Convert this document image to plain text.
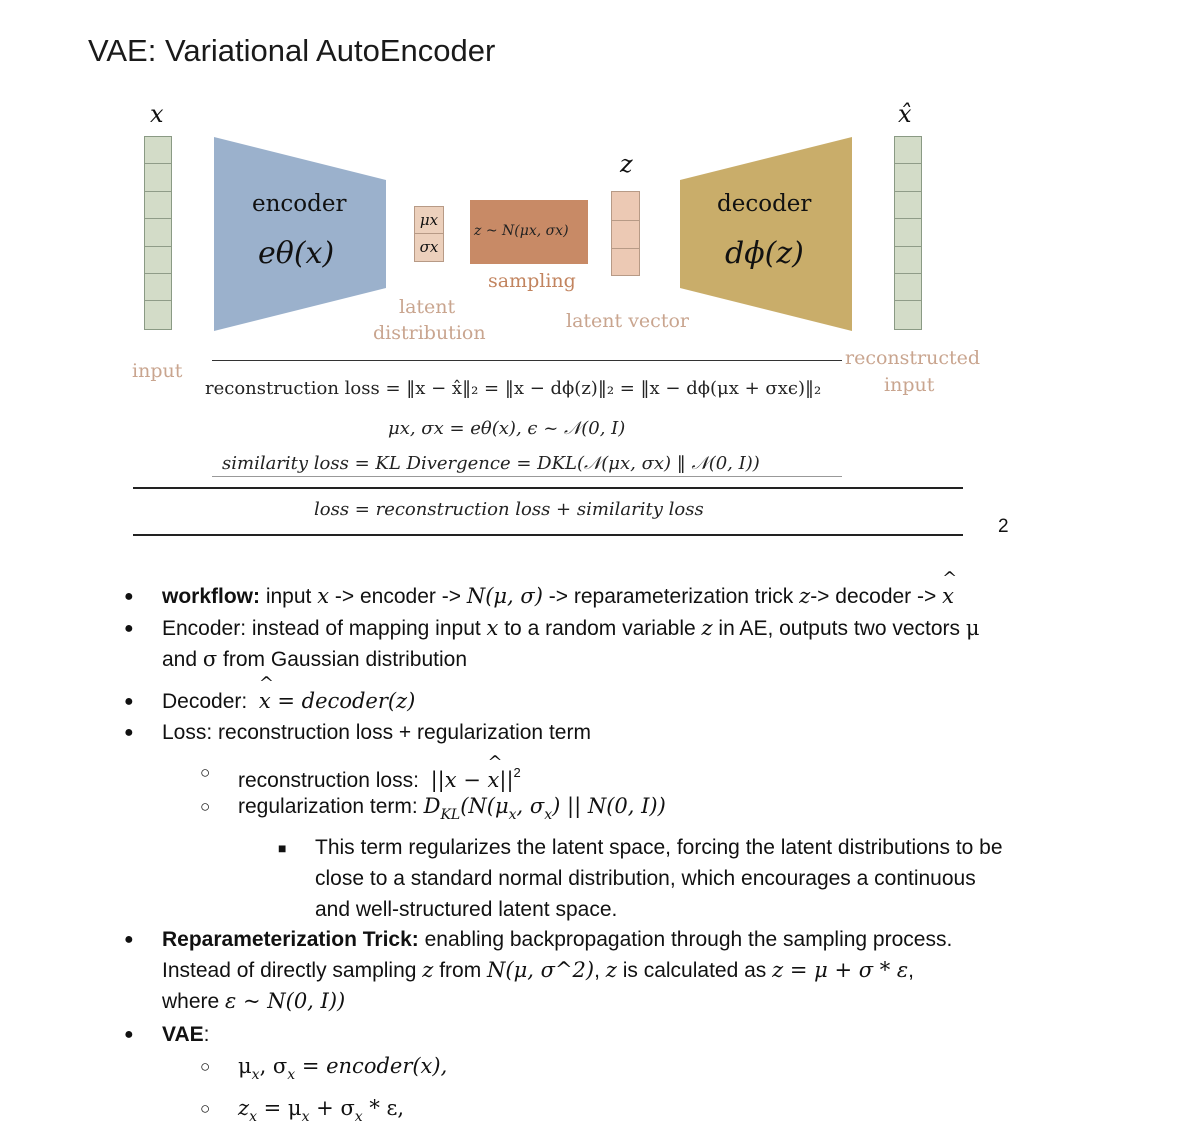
VAE: Variational AutoEncoder
x
input
encoder
eθ(x)
μx
σx
latent
distribution
z ~ N(μx, σx)
sampling
z
latent vector
decoder
dϕ(z)
x̂
reconstructed
input
reconstruction loss = ‖x − x̂‖₂ = ‖x − dϕ(z)‖₂ = ‖x − dϕ(μx + σxϵ)‖₂
μx, σx = eθ(x), ϵ ~ 𝒩(0, I)
similarity loss = KL Divergence = DKL(𝒩(μx, σx) ‖ 𝒩(0, I))
loss = reconstruction loss + similarity loss
2
● workflow: input x -> encoder -> N(μ, σ) -> reparameterization trick z-> decoder -> ^ x
● Encoder: instead of mapping input x to a random variable z in AE, outputs two vectors μ
and σ from Gaussian distribution
● Decoder:  ^ x = decoder(z)
● Loss: reconstruction loss + regularization term
○ reconstruction loss: ||x − ^ $x||^2$
○ regularization term: $D_{KL}(N(\mu_x$, $\sigma_x$) || N(0, I))
■ This term regularizes the latent space, forcing the latent distributions to be
close to a standard normal distribution, which encourages a continuous
and well-structured latent space.
● Reparameterization Trick: enabling backpropagation through the sampling process.
Instead of directly sampling z from N(μ, σ^2), z is calculated as z = μ + σ * ε,
where ε ~ N(0, I))
● VAE:
○ $\mu_x$, $\sigma_x$ = encoder(x),
○ $z_x = \mu_x + \sigma_x * \varepsilon$,
